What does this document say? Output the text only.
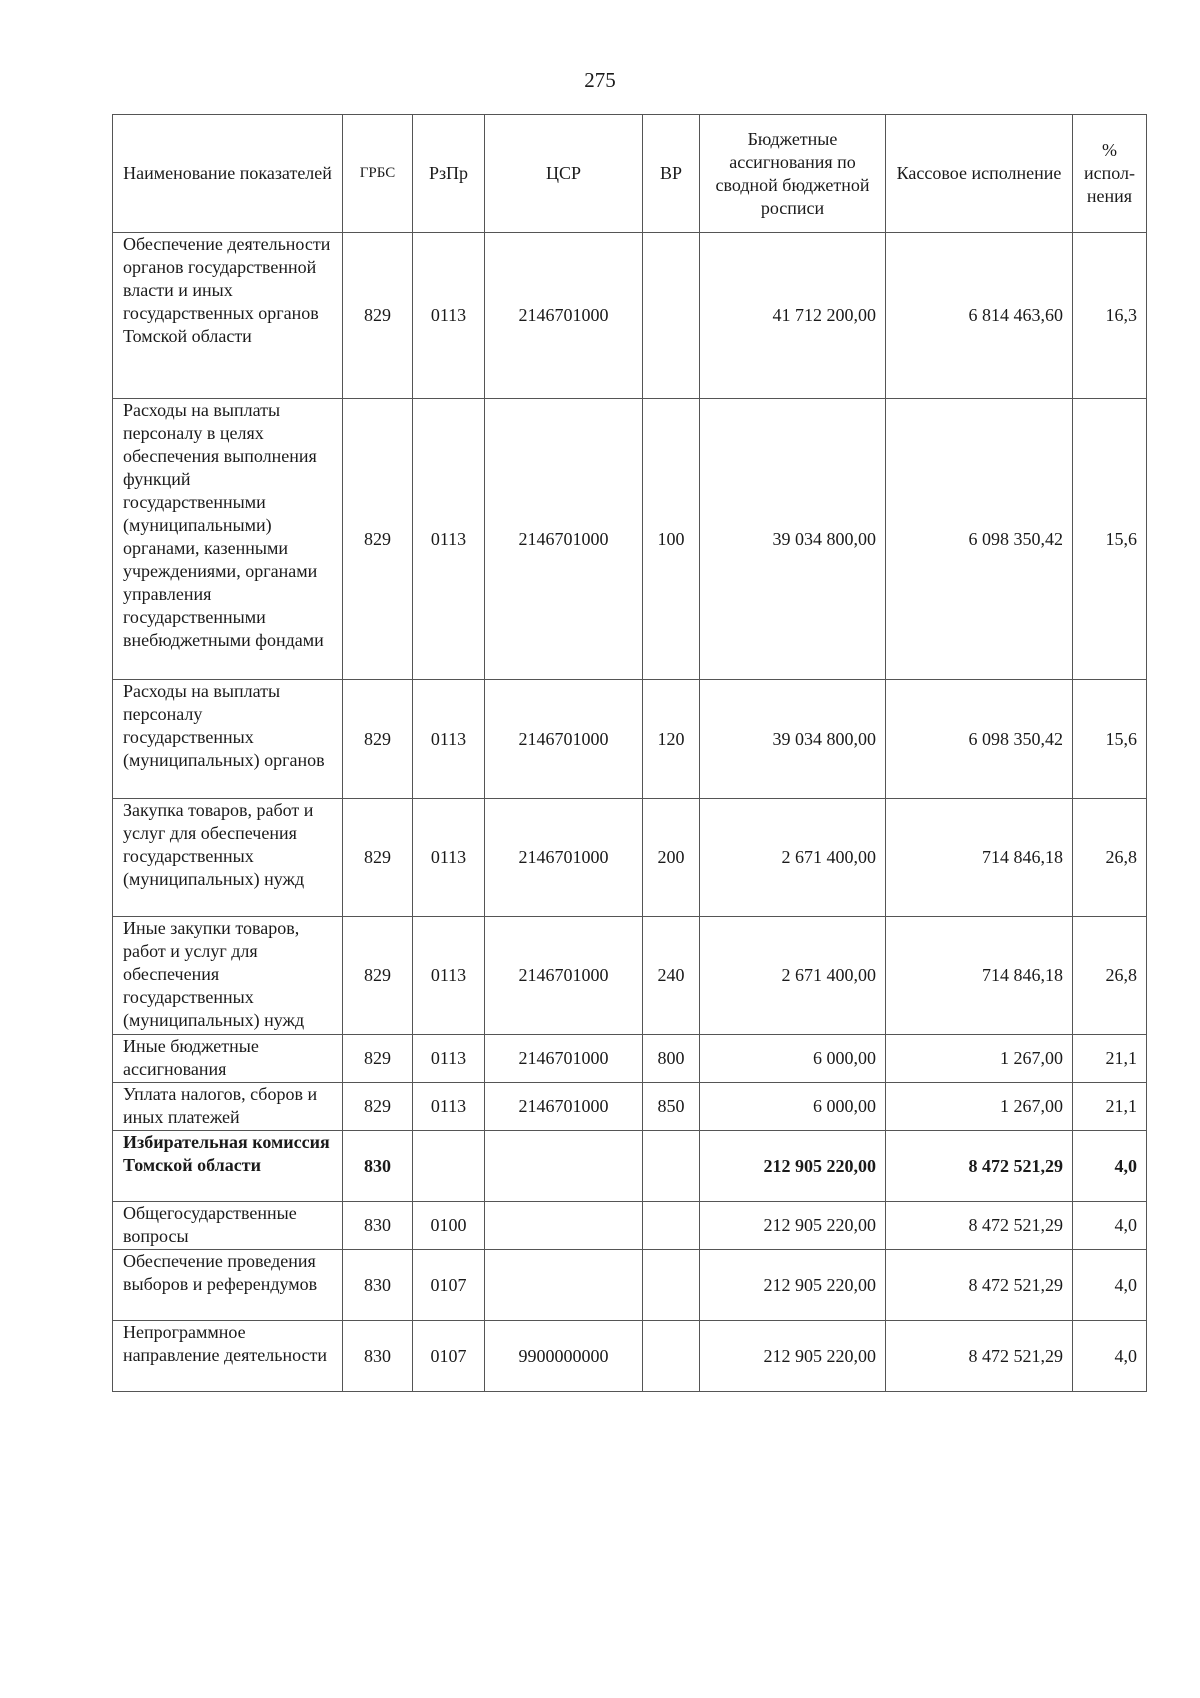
275
Наименование показателей	ГРБС	РзПр	ЦСР	ВР	Бюджетные ассигнования по сводной бюджетной росписи	Кассовое исполнение	% испол-нения
Обеспечение деятельности органов государственной власти и иных государственных органов Томской области	829	0113	2146701000		41 712 200,00	6 814 463,60	16,3
Расходы на выплаты персоналу в целях обеспечения выполнения функций государственными (муниципальными) органами, казенными учреждениями, органами управления государственными внебюджетными фондами	829	0113	2146701000	100	39 034 800,00	6 098 350,42	15,6
Расходы на выплаты персоналу государственных (муниципальных) органов	829	0113	2146701000	120	39 034 800,00	6 098 350,42	15,6
Закупка товаров, работ и услуг для обеспечения государственных (муниципальных) нужд	829	0113	2146701000	200	2 671 400,00	714 846,18	26,8
Иные закупки товаров, работ и услуг для обеспечения государственных (муниципальных) нужд	829	0113	2146701000	240	2 671 400,00	714 846,18	26,8
Иные бюджетные ассигнования	829	0113	2146701000	800	6 000,00	1 267,00	21,1
Уплата налогов, сборов и иных платежей	829	0113	2146701000	850	6 000,00	1 267,00	21,1
Избирательная комиссия Томской области	830				212 905 220,00	8 472 521,29	4,0
Общегосударственные вопросы	830	0100			212 905 220,00	8 472 521,29	4,0
Обеспечение проведения выборов и референдумов	830	0107			212 905 220,00	8 472 521,29	4,0
Непрограммное направление деятельности	830	0107	9900000000		212 905 220,00	8 472 521,29	4,0
